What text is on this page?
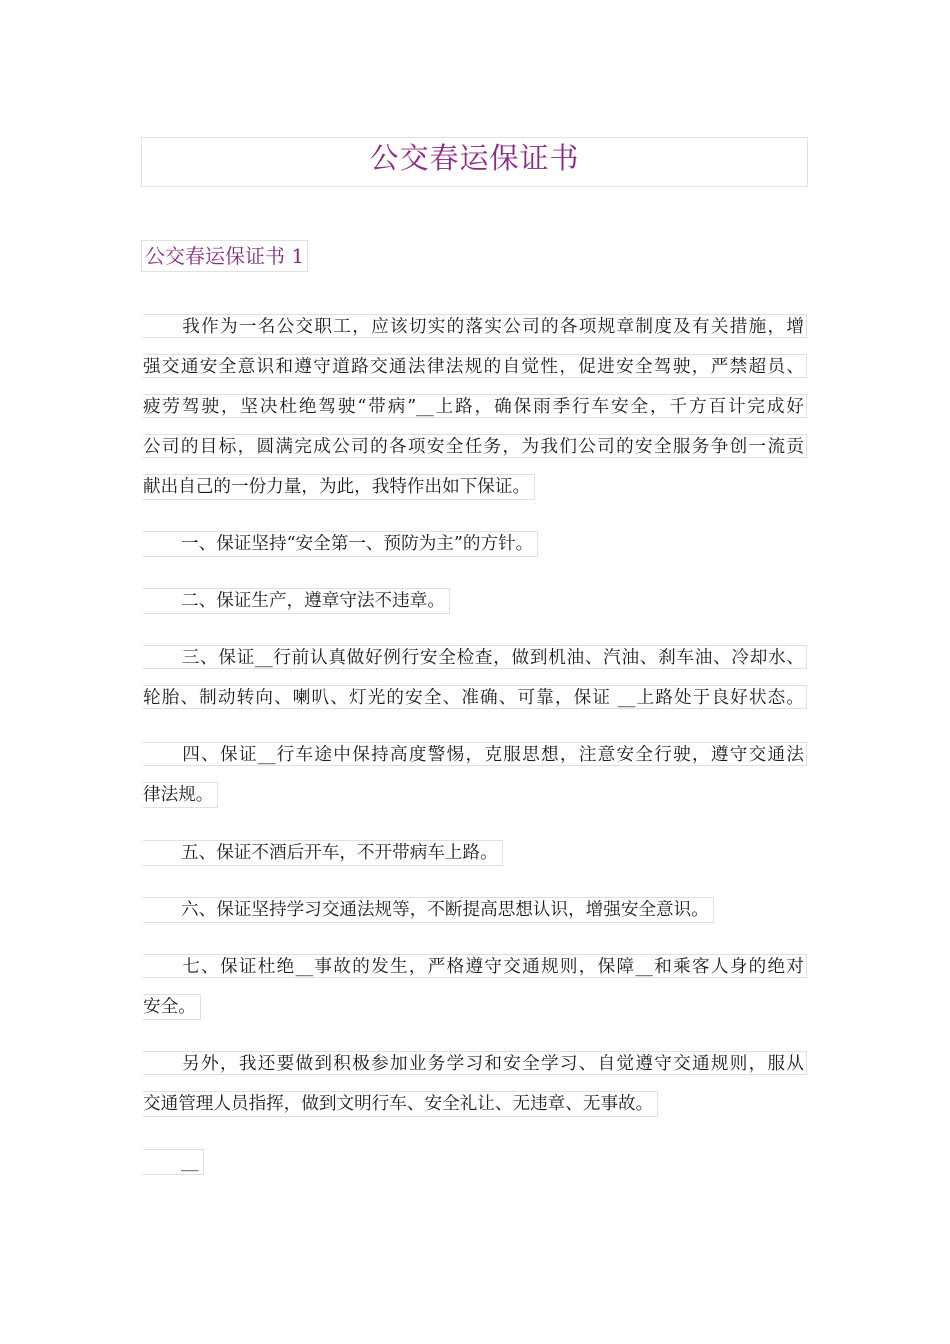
公交春运保证书
公交春运保证书 1
我作为一名公交职工，应该切实的落实公司的各项规章制度及有关措施，增
强交通安全意识和遵守道路交通法律法规的自觉性，促进安全驾驶，严禁超员、
疲劳驾驶，坚决杜绝驾驶“带病”__上路，确保雨季行车安全，千方百计完成好
公司的目标，圆满完成公司的各项安全任务，为我们公司的安全服务争创一流贡
献出自己的一份力量，为此，我特作出如下保证。
一、保证坚持“安全第一、预防为主”的方针。
二、保证生产，遵章守法不违章。
三、保证__行前认真做好例行安全检查，做到机油、汽油、刹车油、冷却水、
轮胎、制动转向、喇叭、灯光的安全、准确、可靠，保证 __上路处于良好状态。
四、保证__行车途中保持高度警惕，克服思想，注意安全行驶，遵守交通法
律法规。
五、保证不酒后开车，不开带病车上路。
六、保证坚持学习交通法规等，不断提高思想认识，增强安全意识。
七、保证杜绝__事故的发生，严格遵守交通规则，保障__和乘客人身的绝对
安全。
另外，我还要做到积极参加业务学习和安全学习、自觉遵守交通规则，服从
交通管理人员指挥，做到文明行车、安全礼让、无违章、无事故。
__
